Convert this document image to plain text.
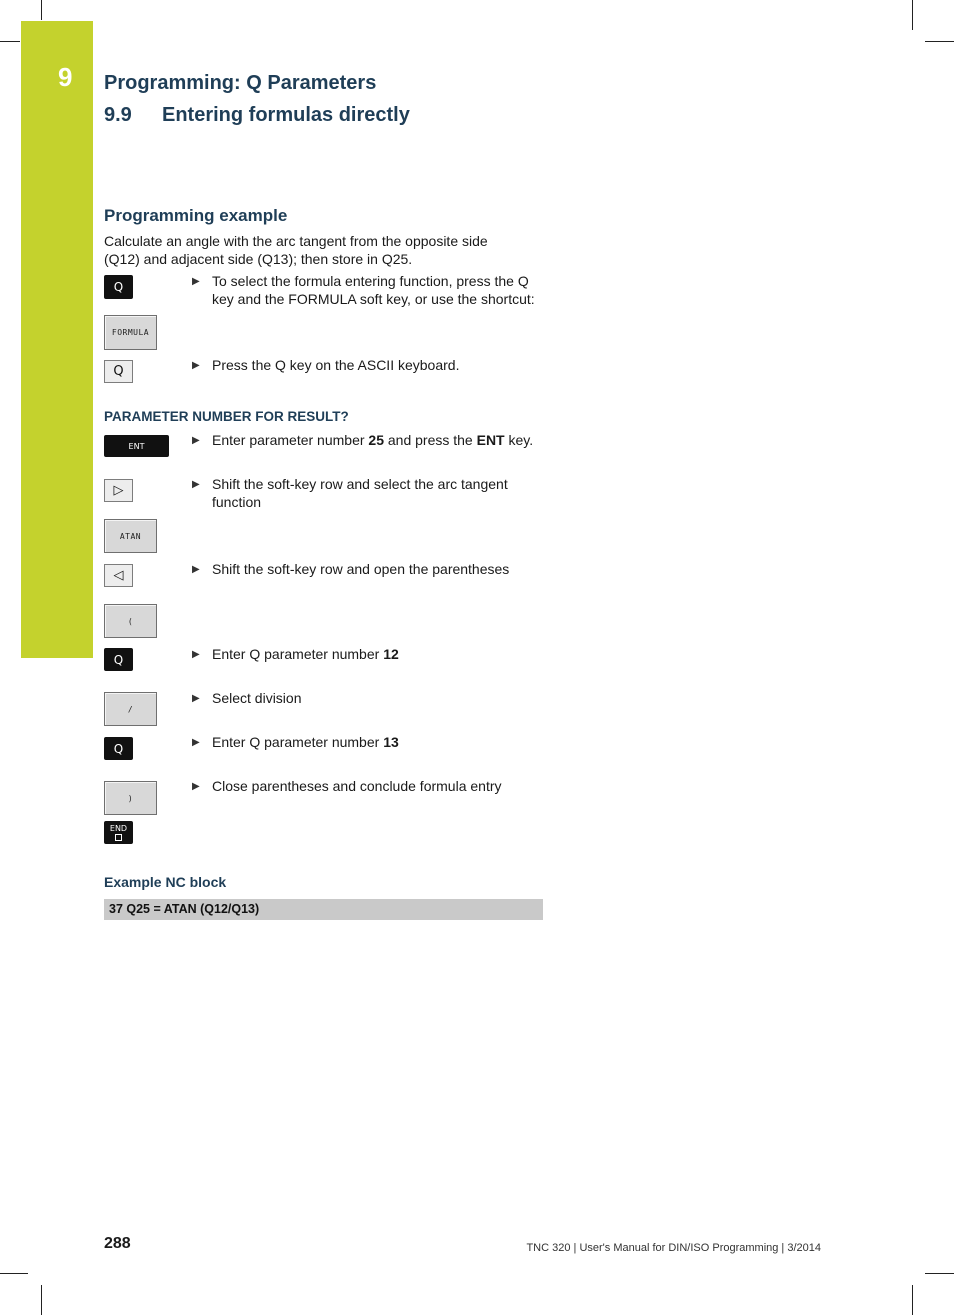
9 Programming: Q Parameters
9.9 Entering formulas directly
Programming example
Calculate an angle with the arc tangent from the opposite side (Q12) and adjacent side (Q13); then store in Q25.
Q	▶ To select the formula entering function, press the Q key and the FORMULA soft key, or use the shortcut:
FORMULA
Q	▶ Press the Q key on the ASCII keyboard.
PARAMETER NUMBER FOR RESULT?
ENT	▶ Enter parameter number 25 and press the ENT key.
▷	▶ Shift the soft-key row and select the arc tangent function
ATAN
◁	▶ Shift the soft-key row and open the parentheses
(
Q	▶ Enter Q parameter number 12
/
▶ Select division
Q	▶ Enter Q parameter number 13
)
▶ Close parentheses and conclude formula entry
END
Example NC block
37 Q25 = ATAN (Q12/Q13)
288	TNC 320 | User's Manual for DIN/ISO Programming | 3/2014
